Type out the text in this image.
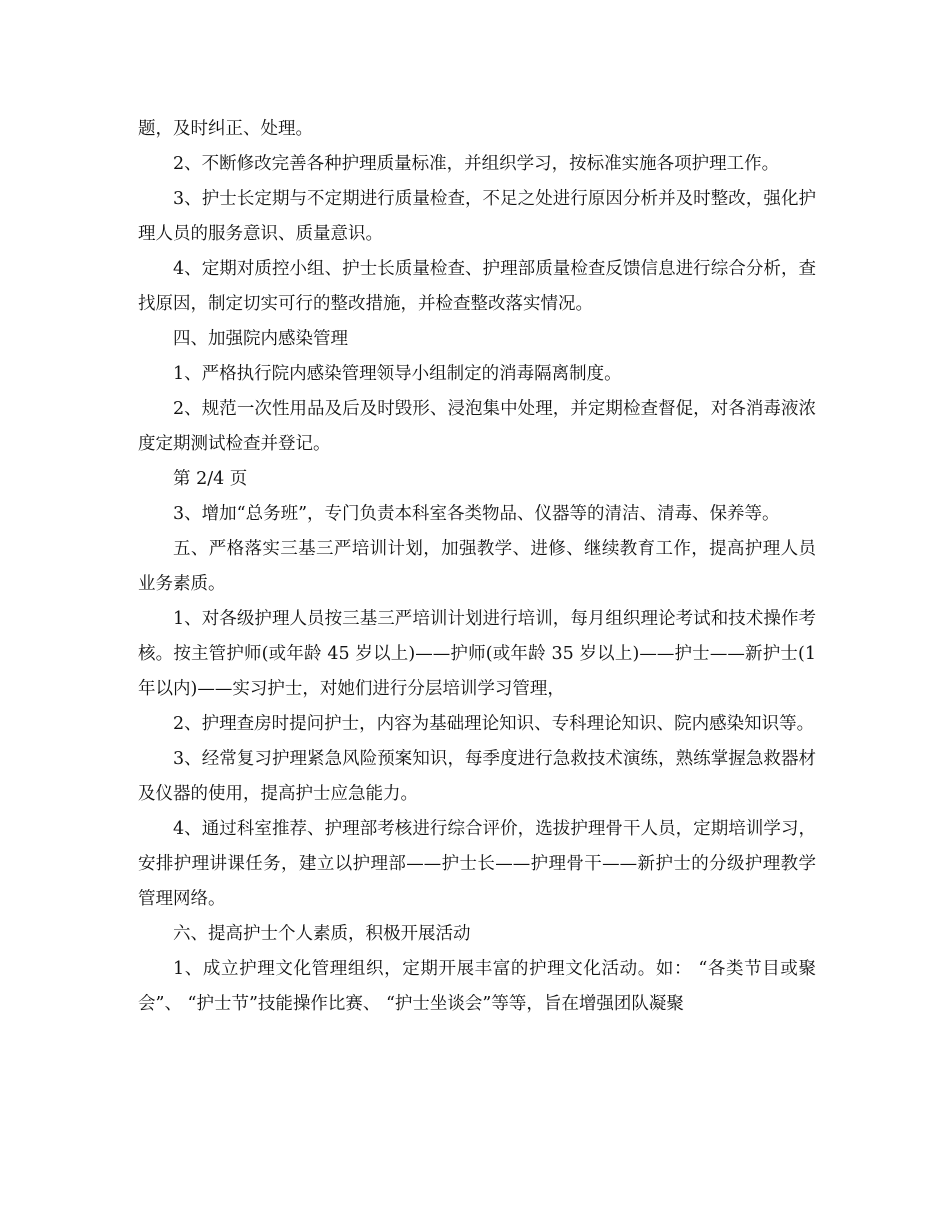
题，及时纠正、处理。

2、不断修改完善各种护理质量标准，并组织学习，按标准实施各项护理工作。

3、护士长定期与不定期进行质量检查，不足之处进行原因分析并及时整改，强化护理人员的服务意识、质量意识。

4、定期对质控小组、护士长质量检查、护理部质量检查反馈信息进行综合分析，查找原因，制定切实可行的整改措施，并检查整改落实情况。

四、加强院内感染管理

1、严格执行院内感染管理领导小组制定的消毒隔离制度。

2、规范一次性用品及后及时毁形、浸泡集中处理，并定期检查督促，对各消毒液浓度定期测试检查并登记。

第 2/4 页

3、增加“总务班”，专门负责本科室各类物品、仪器等的清洁、清毒、保养等。

五、严格落实三基三严培训计划，加强教学、进修、继续教育工作，提高护理人员业务素质。

1、对各级护理人员按三基三严培训计划进行培训，每月组织理论考试和技术操作考核。按主管护师(或年龄 45 岁以上)——护师(或年龄 35 岁以上)——护士——新护士(1 年以内)——实习护士，对她们进行分层培训学习管理，

2、护理查房时提问护士，内容为基础理论知识、专科理论知识、院内感染知识等。

3、经常复习护理紧急风险预案知识，每季度进行急救技术演练，熟练掌握急救器材及仪器的使用，提高护士应急能力。

4、通过科室推荐、护理部考核进行综合评价，选拔护理骨干人员，定期培训学习，安排护理讲课任务，建立以护理部——护士长——护理骨干——新护士的分级护理教学管理网络。

六、提高护士个人素质，积极开展活动

1、成立护理文化管理组织，定期开展丰富的护理文化活动。如： “各类节目或聚会”、 “护士节”技能操作比赛、 “护士坐谈会”等等，旨在增强团队凝聚
